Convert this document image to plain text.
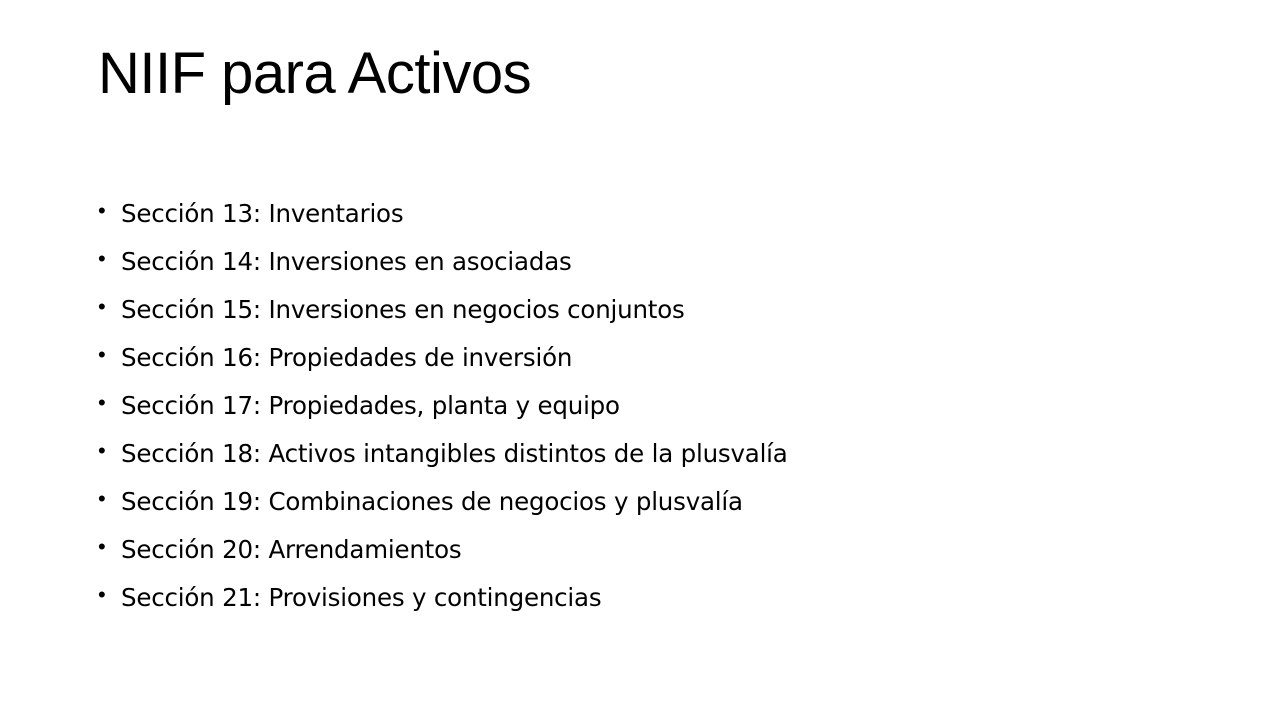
NIIF para Activos
• Sección 13: Inventarios
• Sección 14: Inversiones en asociadas
• Sección 15: Inversiones en negocios conjuntos
• Sección 16: Propiedades de inversión
• Sección 17: Propiedades, planta y equipo
• Sección 18: Activos intangibles distintos de la plusvalía
• Sección 19: Combinaciones de negocios y plusvalía
• Sección 20: Arrendamientos
• Sección 21: Provisiones y contingencias
